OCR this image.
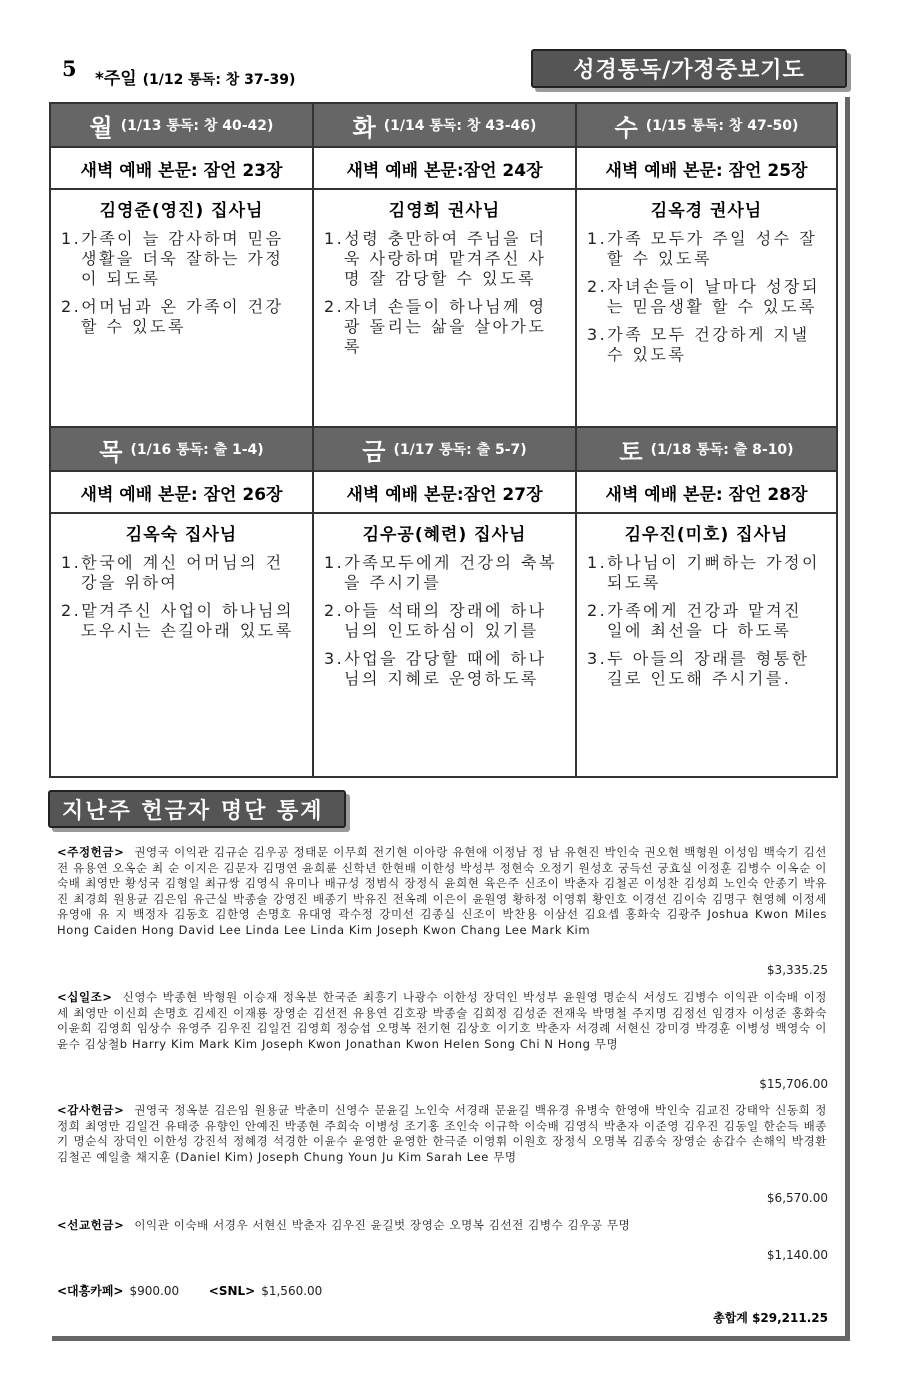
5 *주일 (1/12 통독: 창 37-39)	성경통독/가정중보기도
월 (1/13 통독: 창 40-42)
새벽 예배 본문: 잠언 23장
김영준(영진) 집사님
1.가족이 늘 감사하며 믿음 생활을 더욱 잘하는 가정이 되도록
2.어머님과 온 가족이 건강할 수 있도록
화 (1/14 통독: 창 43-46)
새벽 예배 본문:잠언 24장
김영희 권사님
1.성령 충만하여 주님을 더욱 사랑하며 맡겨주신 사명 잘 감당할 수 있도록
2.자녀 손들이 하나님께 영광 돌리는 삶을 살아가도록
수 (1/15 통독: 창 47-50)
새벽 예배 본문: 잠언 25장
김옥경 권사님
1.가족 모두가 주일 성수 잘 할 수 있도록
2.자녀손들이 날마다 성장되는 믿음생활 할 수 있도록
3.가족 모두 건강하게 지낼 수 있도록
목 (1/16 통독: 출 1-4)
새벽 예배 본문: 잠언 26장
김옥숙 집사님
1.한국에 계신 어머님의 건강을 위하여
2.맡겨주신 사업이 하나님의 도우시는 손길아래 있도록
금 (1/17 통독: 출 5-7)
새벽 예배 본문:잠언 27장
김우공(혜련) 집사님
1.가족모두에게 건강의 축복을 주시기를
2.아들 석태의 장래에 하나님의 인도하심이 있기를
3.사업을 감당할 때에 하나님의 지혜로 운영하도록
토 (1/18 통독: 출 8-10)
새벽 예배 본문: 잠언 28장
김우진(미호) 집사님
1.하나님이 기뻐하는 가정이 되도록
2.가족에게 건강과 맡겨진 일에 최선을 다 하도록
3.두 아들의 장래를 형통한 길로 인도해 주시기를.
지난주 헌금자 명단 통계
<주정헌금> 권영국 이익관 김규순 김우공 정태문 이무희 전기현 이아랑 유현애 이정남 정 남 유현진 박인숙 권오현 백형원 이성임 백숙기 김선전 유용연 오옥순 최 순 이지은 김문자 김명연 윤희륜 신학년 한현배 이한성 박성부 정현숙 오정기 원성호 궁득선 궁효실 이정훈 김병수 이옥순 이숙배 최영만 황성국 김형일 최규쌍 김영식 유미나 배규성 정범식 장정식 윤희현 육은주 신조이 박춘자 김철곤 이성찬 김성희 노인숙 안종기 박유진 최경희 원용균 김은임 유근실 박종술 강영진 배종기 박유진 전옥례 이은이 윤원영 황하정 이영휘 황인호 이경선 김이숙 김명구 현영혜 이정세 유영애 유 지 백정자 김동호 김한영 손명호 유대영 곽수정 강미선 김종실 신조이 박찬용 이삼선 김요셉 홍화숙 김광주 Joshua Kwon Miles Hong Caiden Hong David Lee Linda Lee Linda Kim Joseph Kwon Chang Lee Mark Kim
$3,335.25
<십일조> 신영수 박종현 박형원 이승재 정옥분 한국준 최흥기 나광수 이한성 장덕인 박성부 윤원영 명순식 서성도 김병수 이익관 이숙배 이정세 최영만 이신희 손명호 김세진 이재룡 장영순 김선전 유용연 김호광 박종술 김희정 김성준 전재욱 박명철 주지명 김정선 임경자 이성준 홍화숙 이윤희 김영희 임상수 유영주 김우진 김일건 김영희 정승섭 오명복 전기현 김상호 이기호 박춘자 서경례 서현신 강미경 박경훈 이병성 백영숙 이윤수 김상철b Harry Kim Mark Kim Joseph Kwon Jonathan Kwon Helen Song Chi N Hong 무명
$15,706.00
<감사헌금> 권영국 정옥분 김은임 원용균 박춘미 신영수 문윤길 노인숙 서경래 문윤길 백유경 유병숙 한영애 박인숙 김교진 강태악 신동희 정정희 최영만 김일건 유태중 유향인 안예진 박종현 주희숙 이병성 조기홍 조인숙 이규학 이숙배 김영식 박춘자 이준영 김우진 김동일 한순득 배종기 명순식 장덕인 이한성 강진석 정혜경 석경한 이윤수 윤영한 윤영한 한극준 이영휘 이원호 장정식 오명복 김종숙 장영순 송갑수 손해익 박경환 김철곤 예일출 채지훈 (Daniel Kim) Joseph Chung Youn Ju Kim Sarah Lee 무명
$6,570.00
<선교헌금> 이익관 이숙배 서경우 서현신 박춘자 김우진 윤길벗 장영순 오명복 김선전 김병수 김우공 무명
$1,140.00
<대흥카페> $900.00 <SNL> $1,560.00
총합계 $29,211.25
